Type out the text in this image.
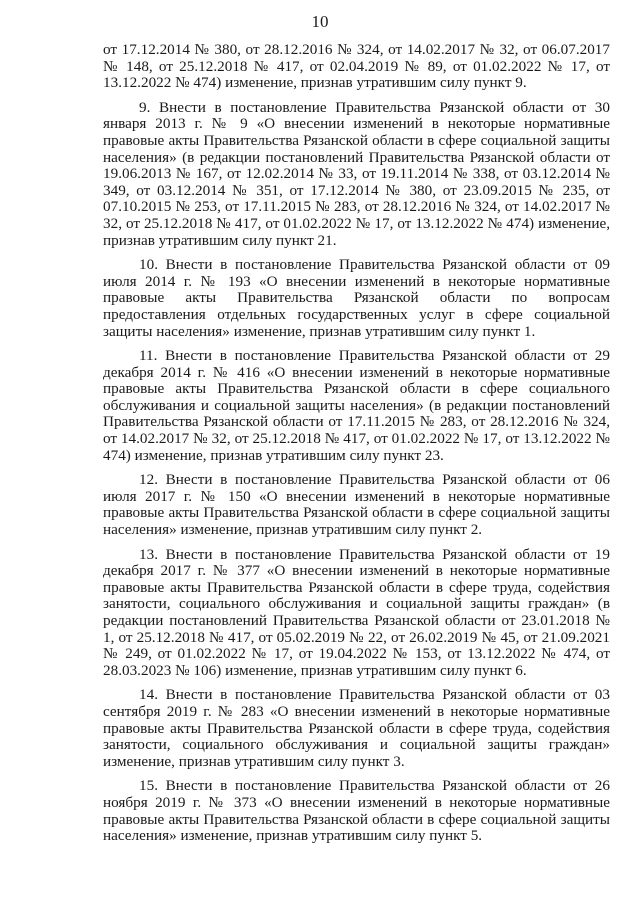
10

от 17.12.2014 № 380, от 28.12.2016 № 324, от 14.02.2017 № 32, от 06.07.2017 № 148, от 25.12.2018 № 417, от 02.04.2019 № 89, от 01.02.2022 № 17, от 13.12.2022 № 474) изменение, признав утратившим силу пункт 9.

9. Внести в постановление Правительства Рязанской области от 30 января 2013 г. № 9 «О внесении изменений в некоторые нормативные правовые акты Правительства Рязанской области в сфере социальной защиты населения» (в редакции постановлений Правительства Рязанской области от 19.06.2013 № 167, от 12.02.2014 № 33, от 19.11.2014 № 338, от 03.12.2014 № 349, от 03.12.2014 № 351, от 17.12.2014 № 380, от 23.09.2015 № 235, от 07.10.2015 № 253, от 17.11.2015 № 283, от 28.12.2016 № 324, от 14.02.2017 № 32, от 25.12.2018 № 417, от 01.02.2022 № 17, от 13.12.2022 № 474) изменение, признав утратившим силу пункт 21.

10. Внести в постановление Правительства Рязанской области от 09 июля 2014 г. № 193 «О внесении изменений в некоторые нормативные правовые акты Правительства Рязанской области по вопросам предоставления отдельных государственных услуг в сфере социальной защиты населения» изменение, признав утратившим силу пункт 1.

11. Внести в постановление Правительства Рязанской области от 29 декабря 2014 г. № 416 «О внесении изменений в некоторые нормативные правовые акты Правительства Рязанской области в сфере социального обслуживания и социальной защиты населения» (в редакции постановлений Правительства Рязанской области от 17.11.2015 № 283, от 28.12.2016 № 324, от 14.02.2017 № 32, от 25.12.2018 № 417, от 01.02.2022 № 17, от 13.12.2022 № 474) изменение, признав утратившим силу пункт 23.

12. Внести в постановление Правительства Рязанской области от 06 июля 2017 г. № 150 «О внесении изменений в некоторые нормативные правовые акты Правительства Рязанской области в сфере социальной защиты населения» изменение, признав утратившим силу пункт 2.

13. Внести в постановление Правительства Рязанской области от 19 декабря 2017 г. № 377 «О внесении изменений в некоторые нормативные правовые акты Правительства Рязанской области в сфере труда, содействия занятости, социального обслуживания и социальной защиты граждан» (в редакции постановлений Правительства Рязанской области от 23.01.2018 № 1, от 25.12.2018 № 417, от 05.02.2019 № 22, от 26.02.2019 № 45, от 21.09.2021 № 249, от 01.02.2022 № 17, от 19.04.2022 № 153, от 13.12.2022 № 474, от 28.03.2023 № 106) изменение, признав утратившим силу пункт 6.

14. Внести в постановление Правительства Рязанской области от 03 сентября 2019 г. № 283 «О внесении изменений в некоторые нормативные правовые акты Правительства Рязанской области в сфере труда, содействия занятости, социального обслуживания и социальной защиты граждан» изменение, признав утратившим силу пункт 3.

15. Внести в постановление Правительства Рязанской области от 26 ноября 2019 г. № 373 «О внесении изменений в некоторые нормативные правовые акты Правительства Рязанской области в сфере социальной защиты населения» изменение, признав утратившим силу пункт 5.
